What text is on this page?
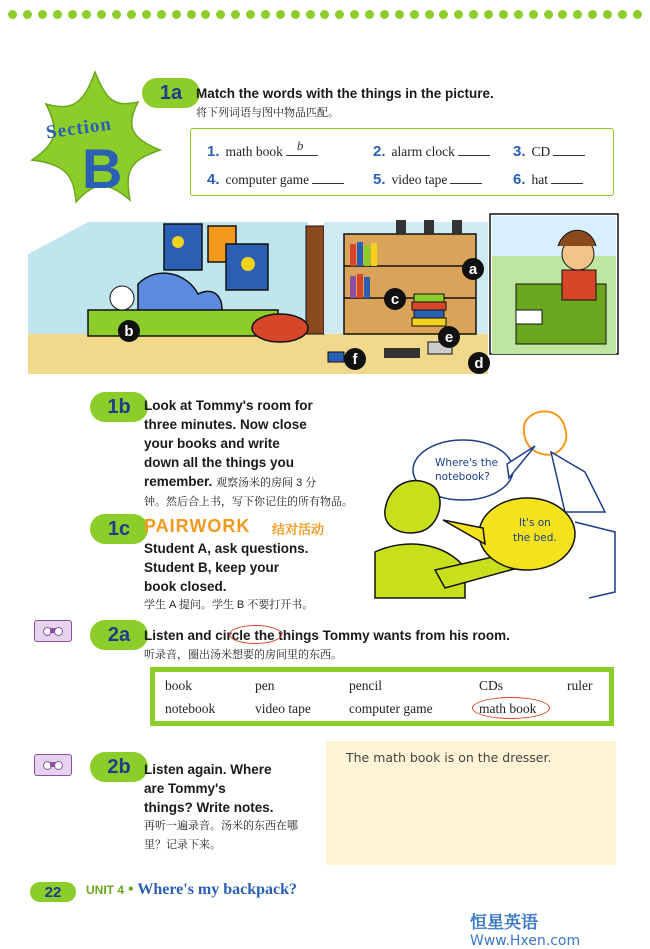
Section
B
1a	Match the words with the things in the picture.
将下列词语与图中物品匹配。
1. math book b	2. alarm clock	3. CD
4. computer game	5. video tape	6. hat
a
b
c
d
e
f
1b Look at Tommy's room for
three minutes. Now close
your books and write
down all the things you
remember. 观察汤米的房间 3 分
钟。然后合上书，写下你记住的所有物品。
1c PAIRWORK 结对活动
Student A, ask questions.
Student B, keep your
book closed.
学生 A 提问。学生 B 不要打开书。
Where's the
notebook?
It's on
the bed.
2a	Listen and circle the things Tommy wants from his room.
听录音，圈出汤米想要的房间里的东西。
book	pen	pencil	CDs	ruler
notebook	video tape	computer game	math book
2b Listen again. Where
are Tommy's
things? Write notes.
再听一遍录音。汤米的东西在哪
里？记录下来。
The math book is on the dresser.
22	UNIT 4 • Where's my backpack?
恒星英语 Www.Hxen.com
